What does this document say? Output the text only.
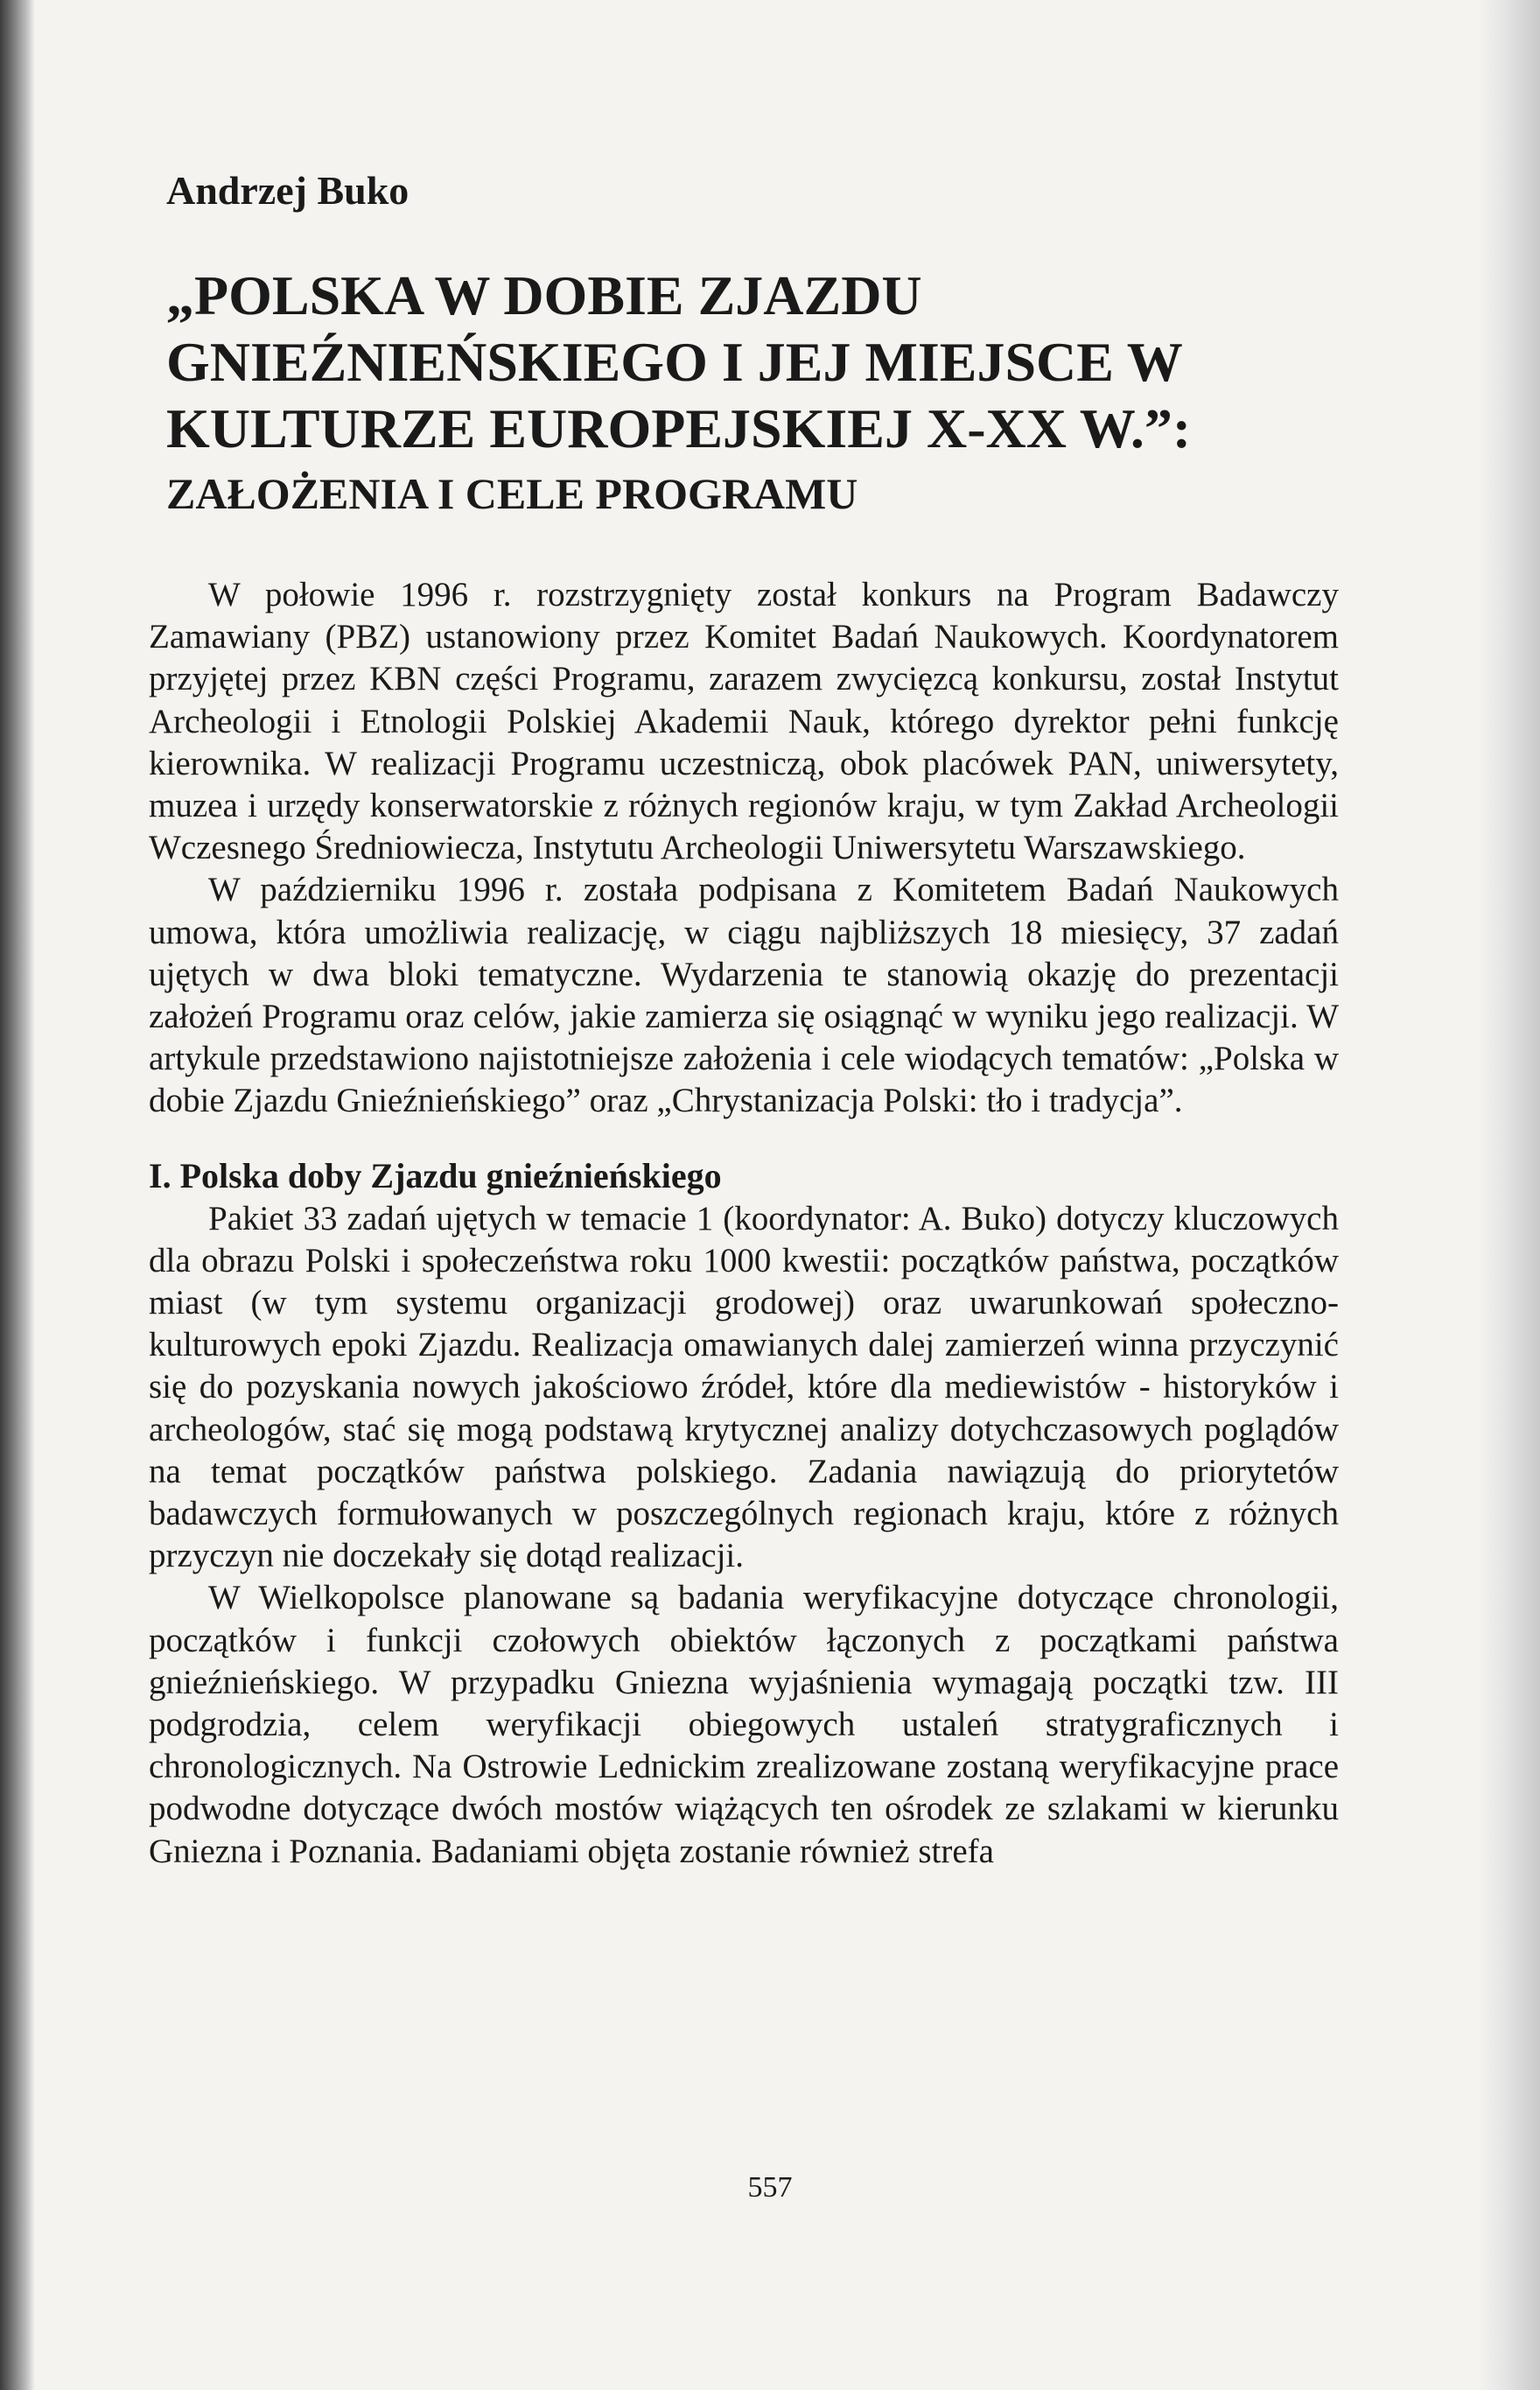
Andrzej Buko
„POLSKA W DOBIE ZJAZDU
GNIEŹNIEŃSKIEGO I JEJ MIEJSCE W
KULTURZE EUROPEJSKIEJ X-XX W.”:
ZAŁOŻENIA I CELE PROGRAMU

W połowie 1996 r. rozstrzygnięty został konkurs na Program Badawczy Zamawiany (PBZ) ustanowiony przez Komitet Badań Naukowych. Koordynatorem przyjętej przez KBN części Programu, zarazem zwycięzcą konkursu, został Instytut Archeologii i Etnologii Polskiej Akademii Nauk, którego dyrektor pełni funkcję kierownika. W realizacji Programu uczestniczą, obok placówek PAN, uniwersytety, muzea i urzędy konserwatorskie z różnych regionów kraju, w tym Zakład Archeologii Wczesnego Średniowiecza, Instytutu Archeologii Uniwersytetu Warszawskiego.

W październiku 1996 r. została podpisana z Komitetem Badań Naukowych umowa, która umożliwia realizację, w ciągu najbliższych 18 miesięcy, 37 zadań ujętych w dwa bloki tematyczne. Wydarzenia te stanowią okazję do prezentacji założeń Programu oraz celów, jakie zamierza się osiągnąć w wyniku jego realizacji. W artykule przedstawiono najistotniejsze założenia i cele wiodących tematów: „Polska w dobie Zjazdu Gnieźnieńskiego” oraz „Chrystanizacja Polski: tło i tradycja”.

I. Polska doby Zjazdu gnieźnieńskiego

Pakiet 33 zadań ujętych w temacie 1 (koordynator: A. Buko) dotyczy kluczowych dla obrazu Polski i społeczeństwa roku 1000 kwestii: początków państwa, początków miast (w tym systemu organizacji grodowej) oraz uwarunkowań społeczno-kulturowych epoki Zjazdu. Realizacja omawianych dalej zamierzeń winna przyczynić się do pozyskania nowych jakościowo źródeł, które dla mediewistów - historyków i archeologów, stać się mogą podstawą krytycznej analizy dotychczasowych poglądów na temat początków państwa polskiego. Zadania nawiązują do priorytetów badawczych formułowanych w poszczególnych regionach kraju, które z różnych przyczyn nie doczekały się dotąd realizacji.

W Wielkopolsce planowane są badania weryfikacyjne dotyczące chronologii, początków i funkcji czołowych obiektów łączonych z początkami państwa gnieźnieńskiego. W przypadku Gniezna wyjaśnienia wymagają początki tzw. III podgrodzia, celem weryfikacji obiegowych ustaleń stratygraficznych i chronologicznych. Na Ostrowie Lednickim zrealizowane zostaną weryfikacyjne prace podwodne dotyczące dwóch mostów wiążących ten ośrodek ze szlakami w kierunku Gniezna i Poznania. Badaniami objęta zostanie również strefa

557
